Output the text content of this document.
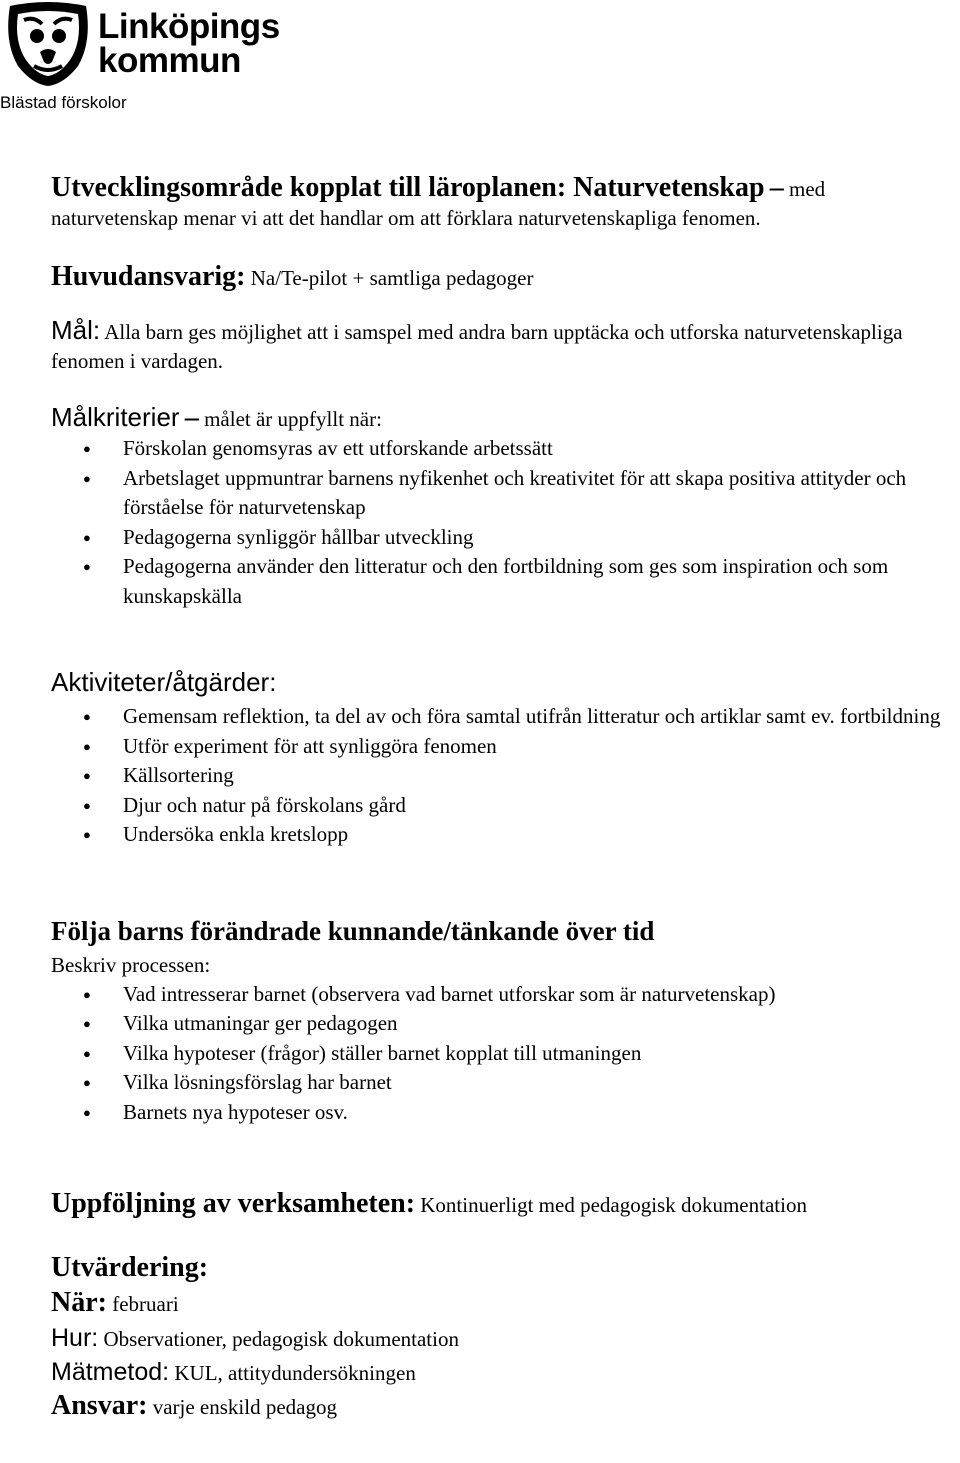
Linköpings
kommun
Blästad förskolor

Utvecklingsområde kopplat till läroplanen: Naturvetenskap – med naturvetenskap menar vi att det handlar om att förklara naturvetenskapliga fenomen.

Huvudansvarig: Na/Te-pilot + samtliga pedagoger

Mål: Alla barn ges möjlighet att i samspel med andra barn upptäcka och utforska naturvetenskapliga fenomen i vardagen.

Målkriterier – målet är uppfyllt när:

● Förskolan genomsyras av ett utforskande arbetssätt
● Arbetslaget uppmuntrar barnens nyfikenhet och kreativitet för att skapa positiva attityder och förståelse för naturvetenskap
● Pedagogerna synliggör hållbar utveckling
● Pedagogerna använder den litteratur och den fortbildning som ges som inspiration och som kunskapskälla

Aktiviteter/åtgärder:

● Gemensam reflektion, ta del av och föra samtal utifrån litteratur och artiklar samt ev. fortbildning
● Utför experiment för att synliggöra fenomen
● Källsortering
● Djur och natur på förskolans gård
● Undersöka enkla kretslopp

Följa barns förändrade kunnande/tänkande över tid

Beskriv processen:

● Vad intresserar barnet (observera vad barnet utforskar som är naturvetenskap)
● Vilka utmaningar ger pedagogen
● Vilka hypoteser (frågor) ställer barnet kopplat till utmaningen
● Vilka lösningsförslag har barnet
● Barnets nya hypoteser osv.

Uppföljning av verksamheten: Kontinuerligt med pedagogisk dokumentation

Utvärdering:

När: februari

Hur: Observationer, pedagogisk dokumentation

Mätmetod: KUL, attitydundersökningen

Ansvar: varje enskild pedagog
